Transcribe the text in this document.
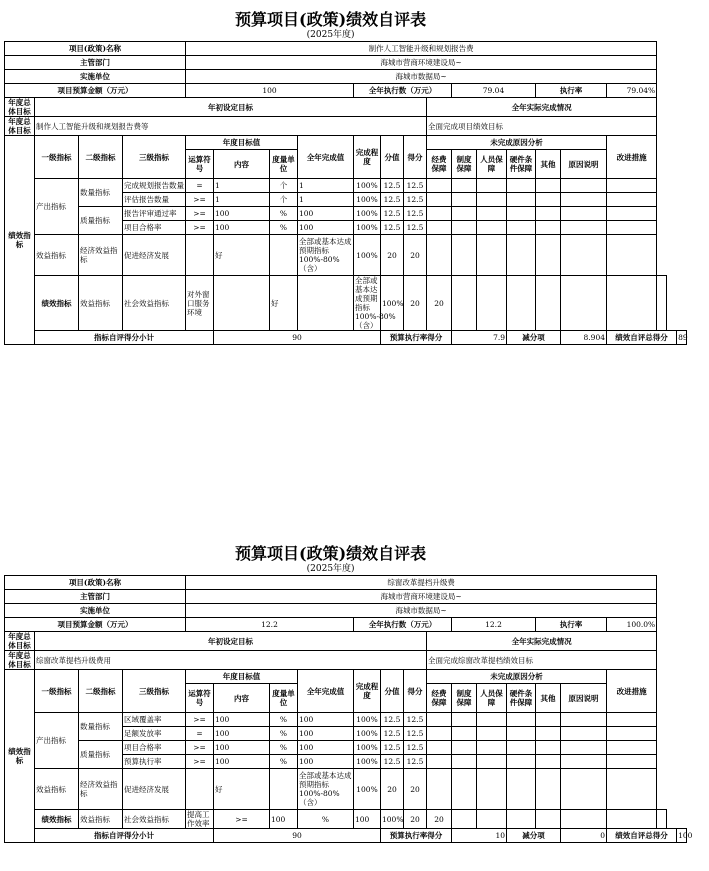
预算项目(政策)绩效自评表																			
(2025年度)																			
项目(政策)名称				制作人工智能升级和规划报告费															
主管部门				海城市营商环境建设局~															
实施单位				海城市数据局~															
项目预算金额（万元）				100				全年执行数（万元）				79.04			执行率		79.04%		
年度总体目标	年初设定目标										全年实际完成情况								
年度总体目标	制作人工智能升级和规划报告费等										全面完成项目绩效目标								
绩效指标	一级指标	二级指标	三级指标	年度目标值			全年完成值	完成程度	分值	得分	未完成原因分析						改进措施		
				运算符号	内容	度量单位					经费保障	制度保障	人员保障	硬件条件保障	其他	原因说明			
	产出指标	数量指标	完成规划报告数量	=	1	个	1	100%	12.5	12.5									
			评估报告数量	>=	1	个	1	100%	12.5	12.5									
		质量指标	报告评审通过率	>=	100	%	100	100%	12.5	12.5									
			项目合格率	>=	100	%	100	100%	12.5	12.5									
	效益指标	经济效益指标	促进经济发展		好		全部或基本达成预期指标100%-80%（含）	100%	20	20									
	绩效指标	效益指标	社会效益指标	对外窗口服务环境		好		全部或基本达成预期指标100%-80%（含）	100%	20	20								
	指标自评得分小计				90				预算执行率得分			7.9		减分项		8.904	绩效自评总得分		89
预算项目(政策)绩效自评表																			
(2025年度)																			
项目(政策)名称				综窗改革提档升级费															
主管部门				海城市营商环境建设局~															
实施单位				海城市数据局~															
项目预算金额（万元）				12.2				全年执行数（万元）				12.2			执行率		100.0%		
年度总体目标	年初设定目标										全年实际完成情况								
年度总体目标	综窗改革提档升级费用										全面完成综窗改革提档绩效目标								
绩效指标	一级指标	二级指标	三级指标	年度目标值			全年完成值	完成程度	分值	得分	未完成原因分析						改进措施		
				运算符号	内容	度量单位					经费保障	制度保障	人员保障	硬件条件保障	其他	原因说明			
	产出指标	数量指标	区域覆盖率	>=	100	%	100	100%	12.5	12.5									
			足额发放率	=	100	%	100	100%	12.5	12.5									
		质量指标	项目合格率	>=	100	%	100	100%	12.5	12.5									
			预算执行率	>=	100	%	100	100%	12.5	12.5									
	效益指标	经济效益指标	促进经济发展		好		全部或基本达成预期指标100%-80%（含）	100%	20	20									
	绩效指标	效益指标	社会效益指标	提高工作效率	>=	100	%	100	100%	20	20								
	指标自评得分小计				90				预算执行率得分			10		减分项		0	绩效自评总得分		100
